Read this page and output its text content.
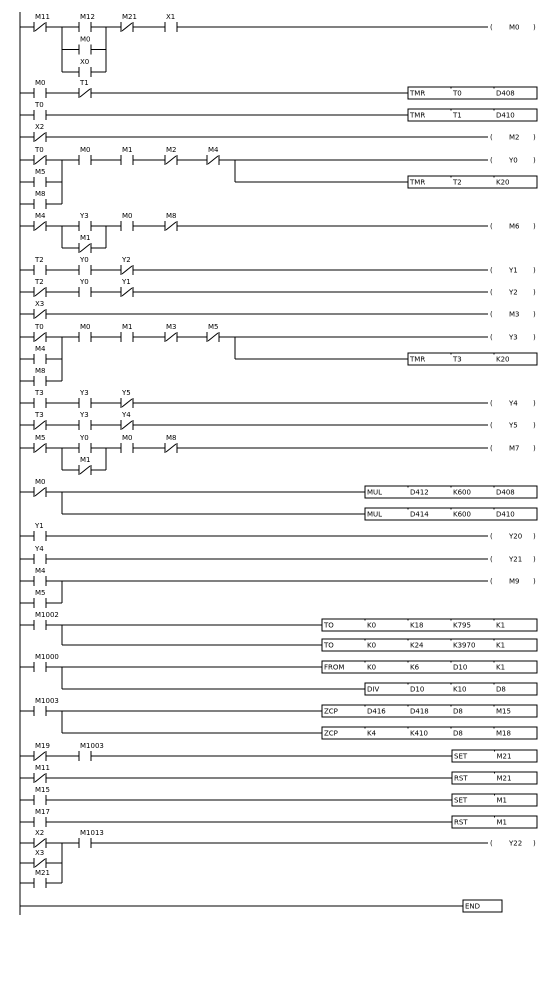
M11	M12	M21	X1
( M0 )
M0
X0
M0	T1
TMR	T0	D408
T0
TMR	T1	D410
X2
( M2 )
T0	M0	M1	M2	M4
( Y0 )
TMR	T2	K20
M5
M8
M4	Y3	M0	M8
( M6 )
M1
T2	Y0	Y2
( Y1 )
T2	Y0	Y1
( Y2 )
X3
( M3 )
T0	M0	M1	M3	M5
( Y3 )
TMR	T3	K20
M4
M8
T3	Y3	Y5
( Y4 )
T3	Y3	Y4
( Y5 )
M5	Y0	M0	M8
( M7 )
M1
M0
MUL	D412	K600	D408
MUL	D414	K600	D410
Y1
( Y20 )
Y4
( Y21 )
M4
( M9 )
M5
M1002
TO	K0	K18	K795	K1
TO	K0	K24	K3970	K1
M1000
FROM	K0	K6	D10	K1
DIV	D10	K10	D8
M1003
ZCP	D416	D418	D8	M15
ZCP	K4	K410	D8	M18
M19	M1003
SET	M21
M11
RST	M21
M15
SET	M1
M17
RST	M1
X2	M1013
( Y22 )
X3
M21
END
